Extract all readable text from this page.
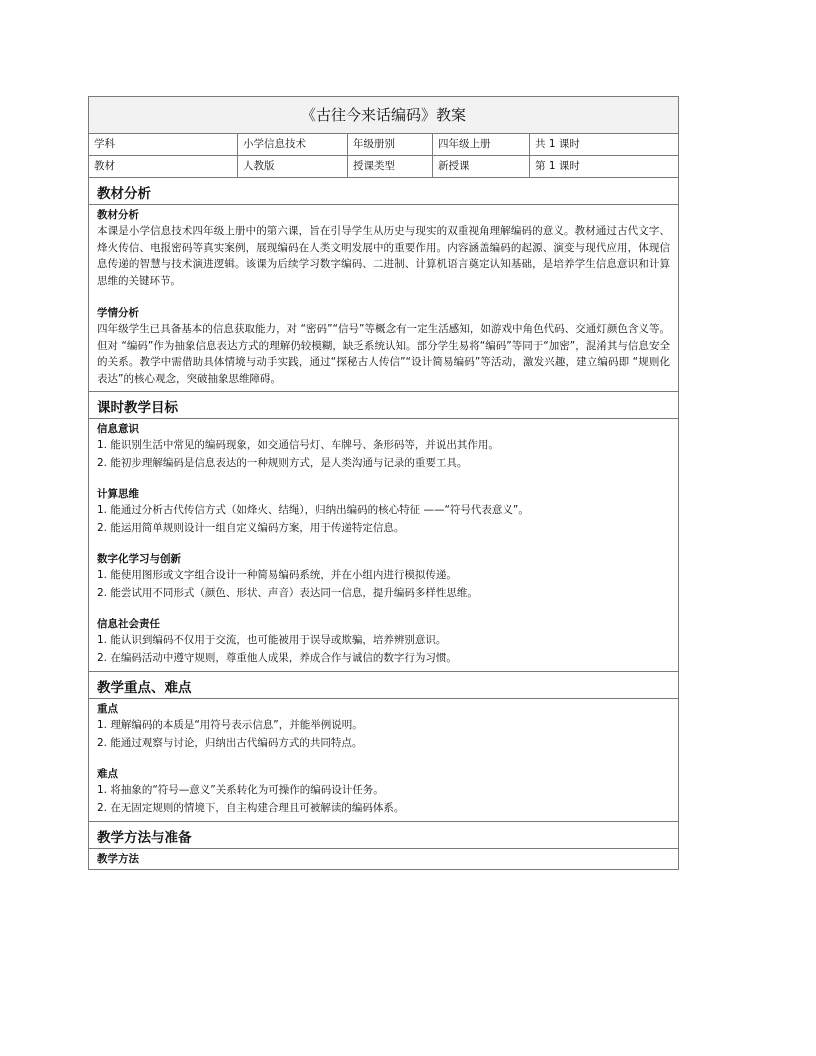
《古往今来话编码》教案
学科	小学信息技术	年级册别	四年级上册	共 1 课时
教材	人教版	授课类型	新授课	第 1 课时
教材分析
教材分析
本课是小学信息技术四年级上册中的第六课，旨在引导学生从历史与现实的双重视角理解编码的意义。教材通过古代文字、烽火传信、电报密码等真实案例，展现编码在人类文明发展中的重要作用。内容涵盖编码的起源、演变与现代应用，体现信息传递的智慧与技术演进逻辑。该课为后续学习数字编码、二进制、计算机语言奠定认知基础，是培养学生信息意识和计算思维的关键环节。
学情分析
四年级学生已具备基本的信息获取能力，对 “密码”“信号”等概念有一定生活感知，如游戏中角色代码、交通灯颜色含义等。但对 “编码”作为抽象信息表达方式的理解仍较模糊，缺乏系统认知。部分学生易将“编码”等同于“加密”，混淆其与信息安全的关系。教学中需借助具体情境与动手实践，通过“探秘古人传信”“设计简易编码”等活动，激发兴趣，建立编码即 “规则化表达”的核心观念，突破抽象思维障碍。
课时教学目标
信息意识
1. 能识别生活中常见的编码现象，如交通信号灯、车牌号、条形码等，并说出其作用。
2. 能初步理解编码是信息表达的一种规则方式，是人类沟通与记录的重要工具。
计算思维
1. 能通过分析古代传信方式（如烽火、结绳），归纳出编码的核心特征 ——“符号代表意义”。
2. 能运用简单规则设计一组自定义编码方案，用于传递特定信息。
数字化学习与创新
1. 能使用图形或文字组合设计一种简易编码系统，并在小组内进行模拟传递。
2. 能尝试用不同形式（颜色、形状、声音）表达同一信息，提升编码多样性思维。
信息社会责任
1. 能认识到编码不仅用于交流，也可能被用于误导或欺骗，培养辨别意识。
2. 在编码活动中遵守规则，尊重他人成果，养成合作与诚信的数字行为习惯。
教学重点、难点
重点
1. 理解编码的本质是“用符号表示信息”，并能举例说明。
2. 能通过观察与讨论，归纳出古代编码方式的共同特点。
难点
1. 将抽象的“符号—意义”关系转化为可操作的编码设计任务。
2. 在无固定规则的情境下，自主构建合理且可被解读的编码体系。
教学方法与准备
教学方法
